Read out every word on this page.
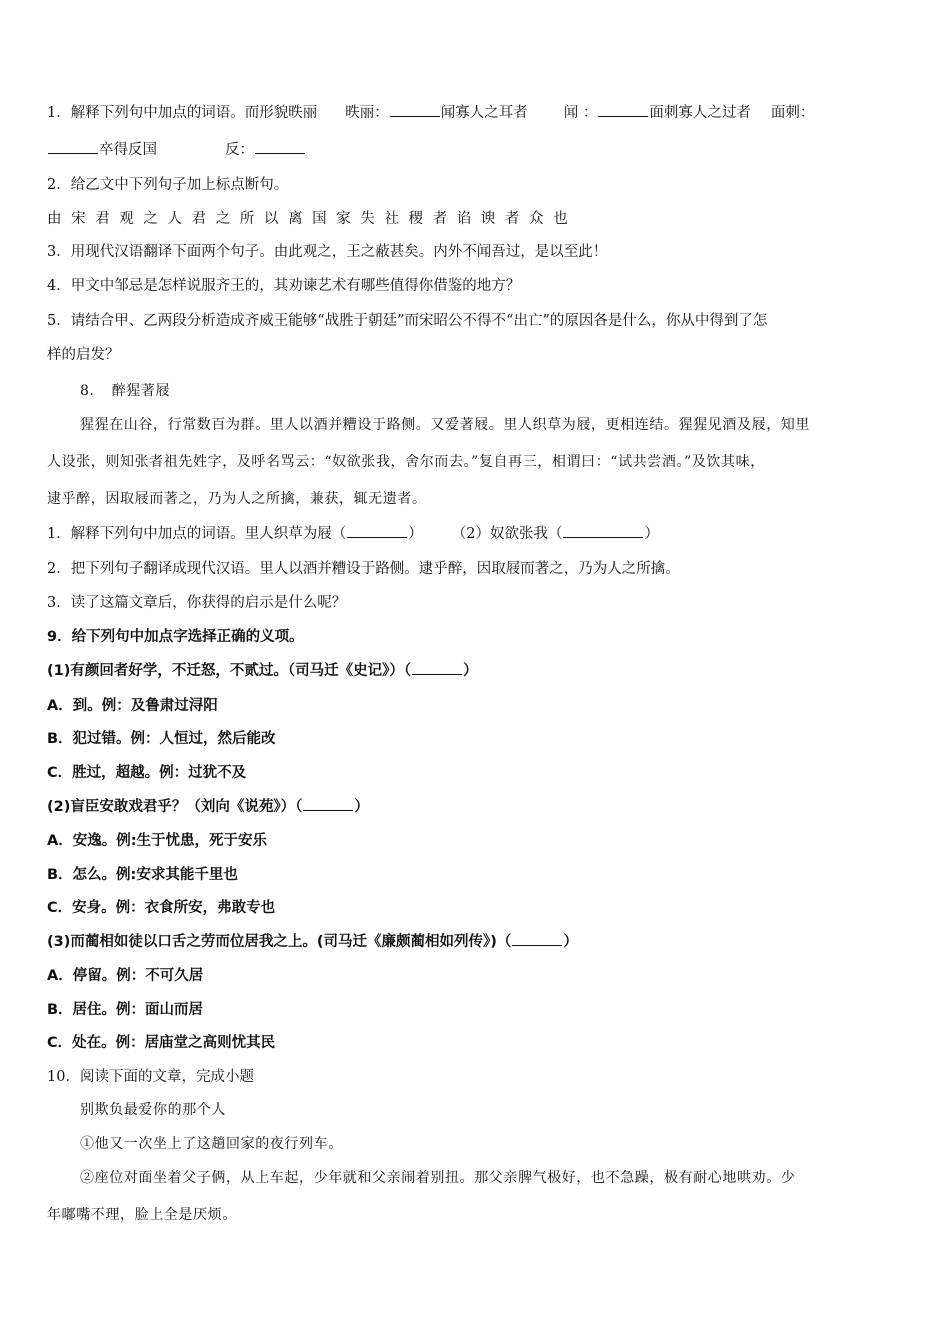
1．解释下列句中加点的词语。而形貌昳丽 昳丽：	闻寡人之耳者 闻 ：	面刺寡人之过者 面刺：
卒得反国	反：
2．给乙文中下列句子加上标点断句。
由宋君观之人君之所以离国家失社稷者谄谀者众也
3．用现代汉语翻译下面两个句子。由此观之，王之蔽甚矣。内外不闻吾过，是以至此！
4．甲文中邹忌是怎样说服齐王的，其劝谏艺术有哪些值得你借鉴的地方？
5．请结合甲、乙两段分析造成齐威王能够“战胜于朝廷”而宋昭公不得不“出亡”的原因各是什么，你从中得到了怎
样的启发？
8．　醉猩著屐
猩猩在山谷，行常数百为群。里人以酒并糟设于路侧。又爱著屐。里人织草为屐，更相连结。猩猩见酒及屐，知里
人设张，则知张者祖先姓字，及呼名骂云：“奴欲张我，舍尔而去。”复自再三，相谓曰：“试共尝酒。”及饮其味，
逮乎醉，因取屐而著之，乃为人之所擒，兼获，辄无遗者。
1．解释下列句中加点的词语。里人织草为屐（	）　　　（2）奴欲张我（	）
2．把下列句子翻译成现代汉语。里人以酒并糟设于路侧。逮乎醉，因取屐而著之，乃为人之所擒。
3．读了这篇文章后，你获得的启示是什么呢？
9．给下列句中加点字选择正确的义项。
(1)有颜回者好学，不迁怒，不贰过。（司马迁《史记》）（	）
A．到。例：及鲁肃过浔阳
B．犯过错。例：人恒过，然后能改
C．胜过，超越。例：过犹不及
(2)盲臣安敢戏君乎？（刘向《说苑》）（	）
A．安逸。例:生于忧患，死于安乐
B．怎么。例:安求其能千里也
C．安身。例：衣食所安，弗敢专也
(3)而蔺相如徒以口舌之劳而位居我之上。(司马迁《廉颇蔺相如列传》)（	）
A．停留。例：不可久居
B．居住。例：面山而居
C．处在。例：居庙堂之高则忧其民
10．阅读下面的文章，完成小题
别欺负最爱你的那个人
①他又一次坐上了这趟回家的夜行列车。
②座位对面坐着父子俩，从上车起，少年就和父亲闹着别扭。那父亲脾气极好，也不急躁，极有耐心地哄劝。少
年嘟嘴不理，脸上全是厌烦。
